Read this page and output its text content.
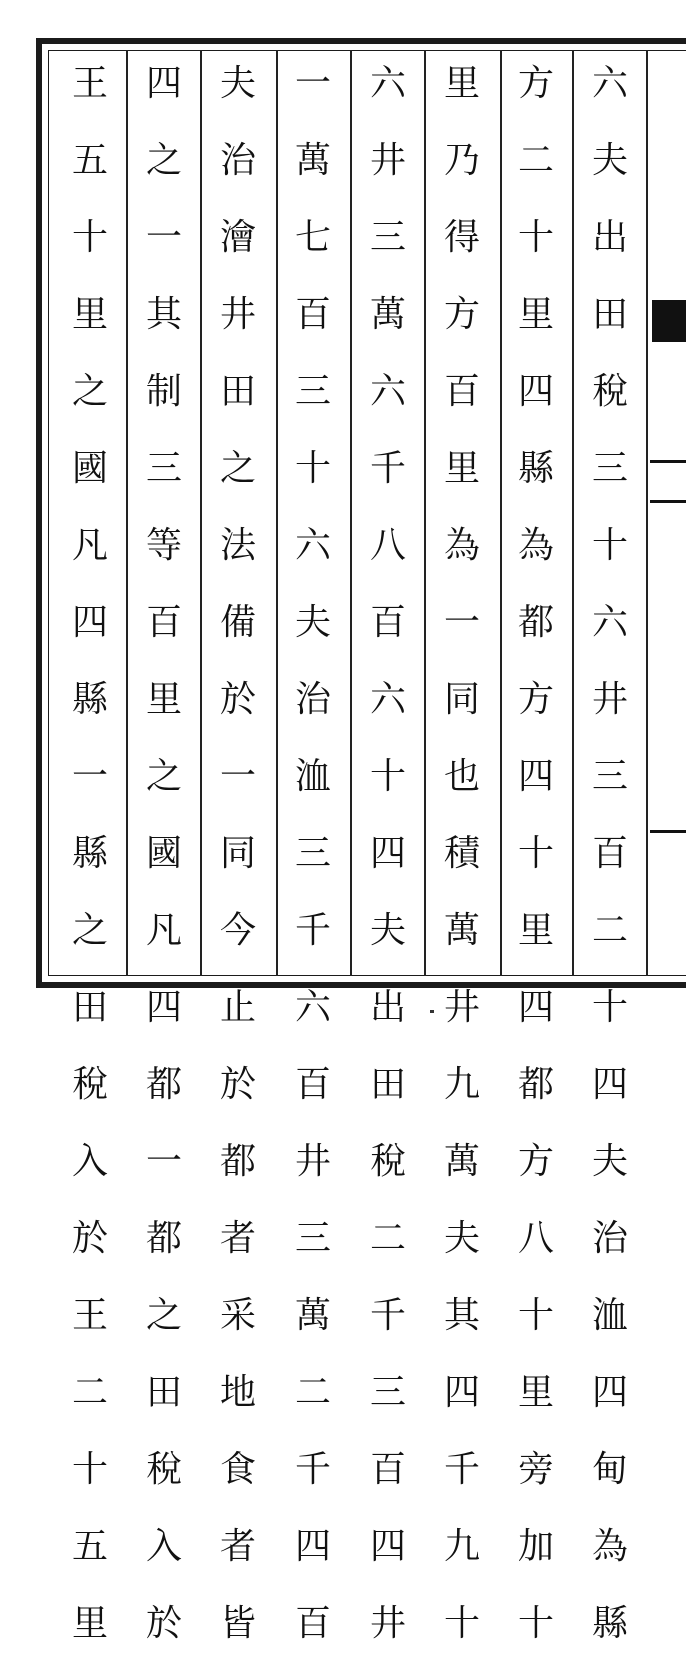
六
夫
出
田
稅
三
十
六
井
三
百
二
十
四
夫
治
洫
四
甸
為
縣
方
二
十
里
四
縣
為
都
方
四
十
里
四
都
方
八
十
里
旁
加
十
里
乃
得
方
百
里
為
一
同
也
積
萬
井
九
萬
夫
其
四
千
九
十
六
井
三
萬
六
千
八
百
六
十
四
夫
出
田
稅
二
千
三
百
四
井
一
萬
七
百
三
十
六
夫
治
洫
三
千
六
百
井
三
萬
二
千
四
百
夫
治
澮
井
田
之
法
備
於
一
同
今
止
於
都
者
采
地
食
者
皆
四
之
一
其
制
三
等
百
里
之
國
凡
四
都
一
都
之
田
稅
入
於
王
五
十
里
之
國
凡
四
縣
一
縣
之
田
稅
入
於
王
二
十
五
里
